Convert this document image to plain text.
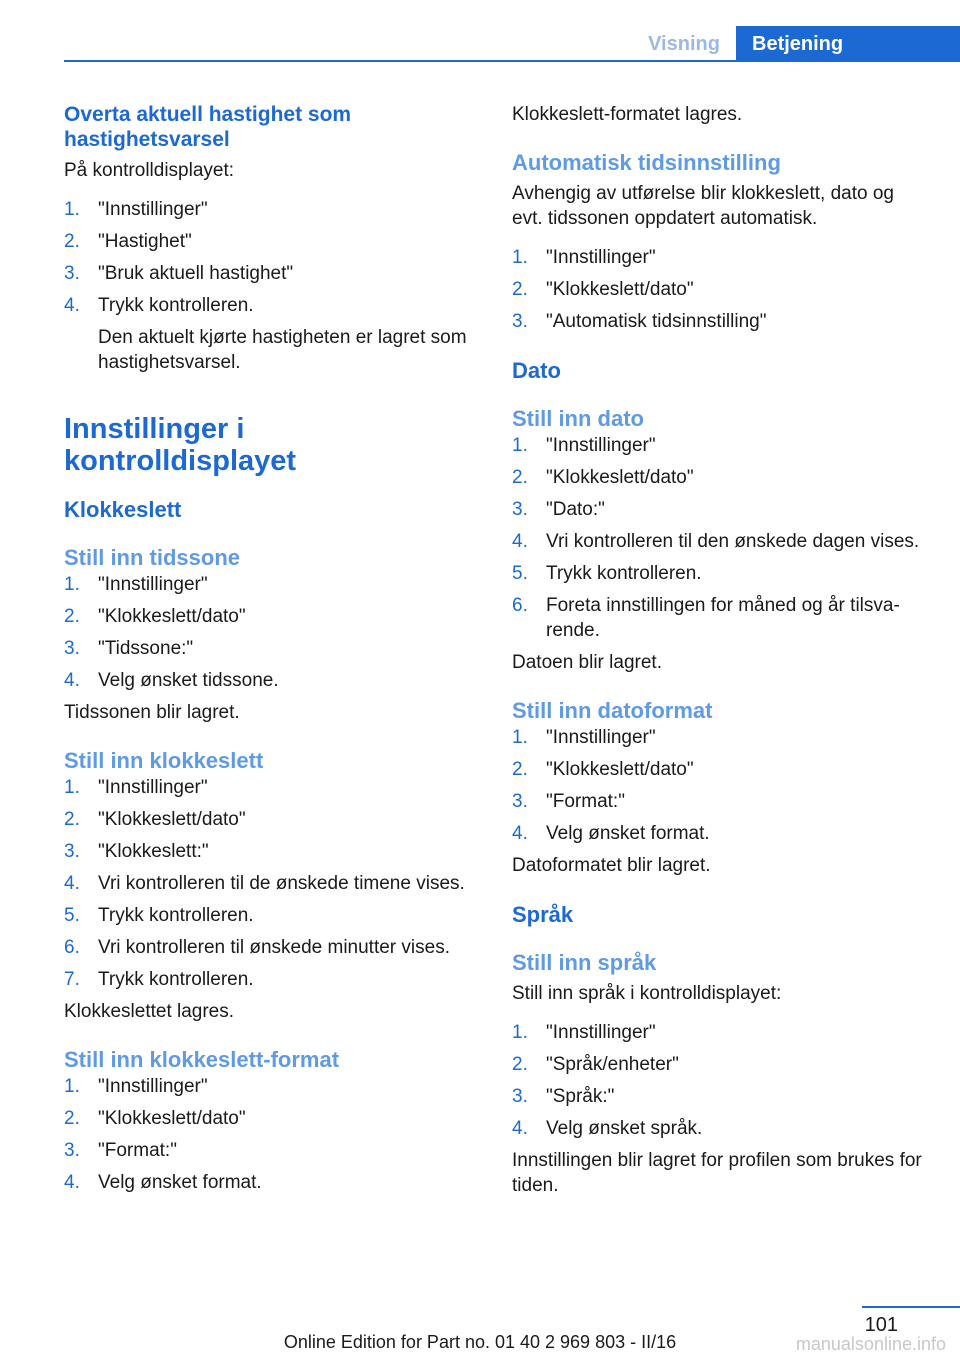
Visning	Betjening
Overta aktuell hastighet som hastighetsvarsel

På kontrolldisplayet:

1. "Innstillinger"
2. "Hastighet"
3. "Bruk aktuell hastighet"
4. Trykk kontrolleren.
Den aktuelt kjørte hastigheten er lagret som hastighetsvarsel.
Innstillinger i kontrolldisplayet
Klokkeslett
Still inn tidssone
1. "Innstillinger"
2. "Klokkeslett/dato"
3. "Tidssone:"
4. Velg ønsket tidssone.

Tidssonen blir lagret.

Still inn klokkeslett
1. "Innstillinger"
2. "Klokkeslett/dato"
3. "Klokkeslett:"
4. Vri kontrolleren til de ønskede timene vises.
5. Trykk kontrolleren.
6. Vri kontrolleren til ønskede minutter vises.
7. Trykk kontrolleren.

Klokkeslettet lagres.

Still inn klokkeslett-format
1. "Innstillinger"
2. "Klokkeslett/dato"
3. "Format:"
4. Velg ønsket format.

Klokkeslett-formatet lagres.

Automatisk tidsinnstilling

Avhengig av utførelse blir klokkeslett, dato og evt. tidssonen oppdatert automatisk.

1. "Innstillinger"
2. "Klokkeslett/dato"
3. "Automatisk tidsinnstilling"
Dato
Still inn dato
1. "Innstillinger"
2. "Klokkeslett/dato"
3. "Dato:"
4. Vri kontrolleren til den ønskede dagen vises.
5. Trykk kontrolleren.
6. Foreta innstillingen for måned og år tilsvarende.

Datoen blir lagret.

Still inn datoformat
1. "Innstillinger"
2. "Klokkeslett/dato"
3. "Format:"
4. Velg ønsket format.

Datoformatet blir lagret.

Språk
Still inn språk

Still inn språk i kontrolldisplayet:

1. "Innstillinger"
2. "Språk/enheter"
3. "Språk:"
4. Velg ønsket språk.

Innstillingen blir lagret for profilen som brukes for tiden.

101
Online Edition for Part no. 01 40 2 969 803 - II/16	manualsonline.info
